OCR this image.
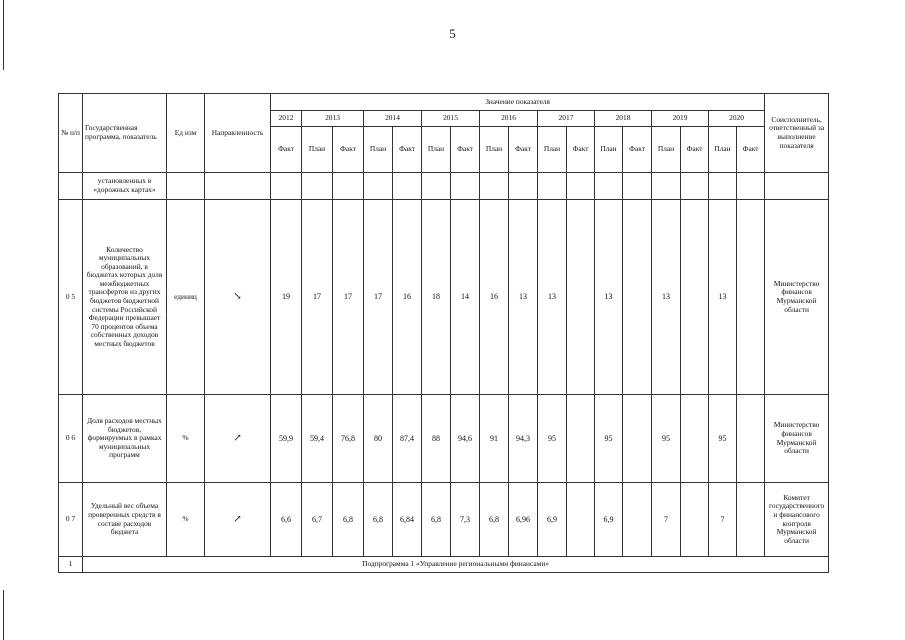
5
№ п/п	Государственная программа, показатель	Ед изм	Направленность	Значение показателя																	Соисполнитель, ответственный за выполнение показателя
				2012	2013		2014		2015		2016		2017		2018		2019		2020		
				Факт	План	Факт	План	Факт	План	Факт	План	Факт	План	Факт	План	Факт	План	Факт	План	Факт	
	установленных в «дорожных картах»																				
0 5	Количество муниципальных образований, в бюджетах которых доля межбюджетных трансфертов из других бюджетов бюджетной системы Российской Федерации превышает 70 процентов объема собственных доходов местных бюджетов	единиц	↘	19	17	17	17	16	18	14	16	13	13		13		13		13		Министерство финансов Мурманской области
0 6	Доля расходов местных бюджетов, формируемых в рамках муниципальных программ	%	↗	59,9	59,4	76,8	80	87,4	88	94,6	91	94,3	95		95		95		95		Министерство финансов Мурманской области
0 7	Удельный вес объема проверенных средств в составе расходов бюджета	%	↗	6,6	6,7	6,8	6,8	6,84	6,8	7,3	6,8	6,96	6,9		6,9		7		7		Комитет государственного и финансового контроля Мурманской области
1	Подпрограмма 1 «Управление региональными финансами»																				
